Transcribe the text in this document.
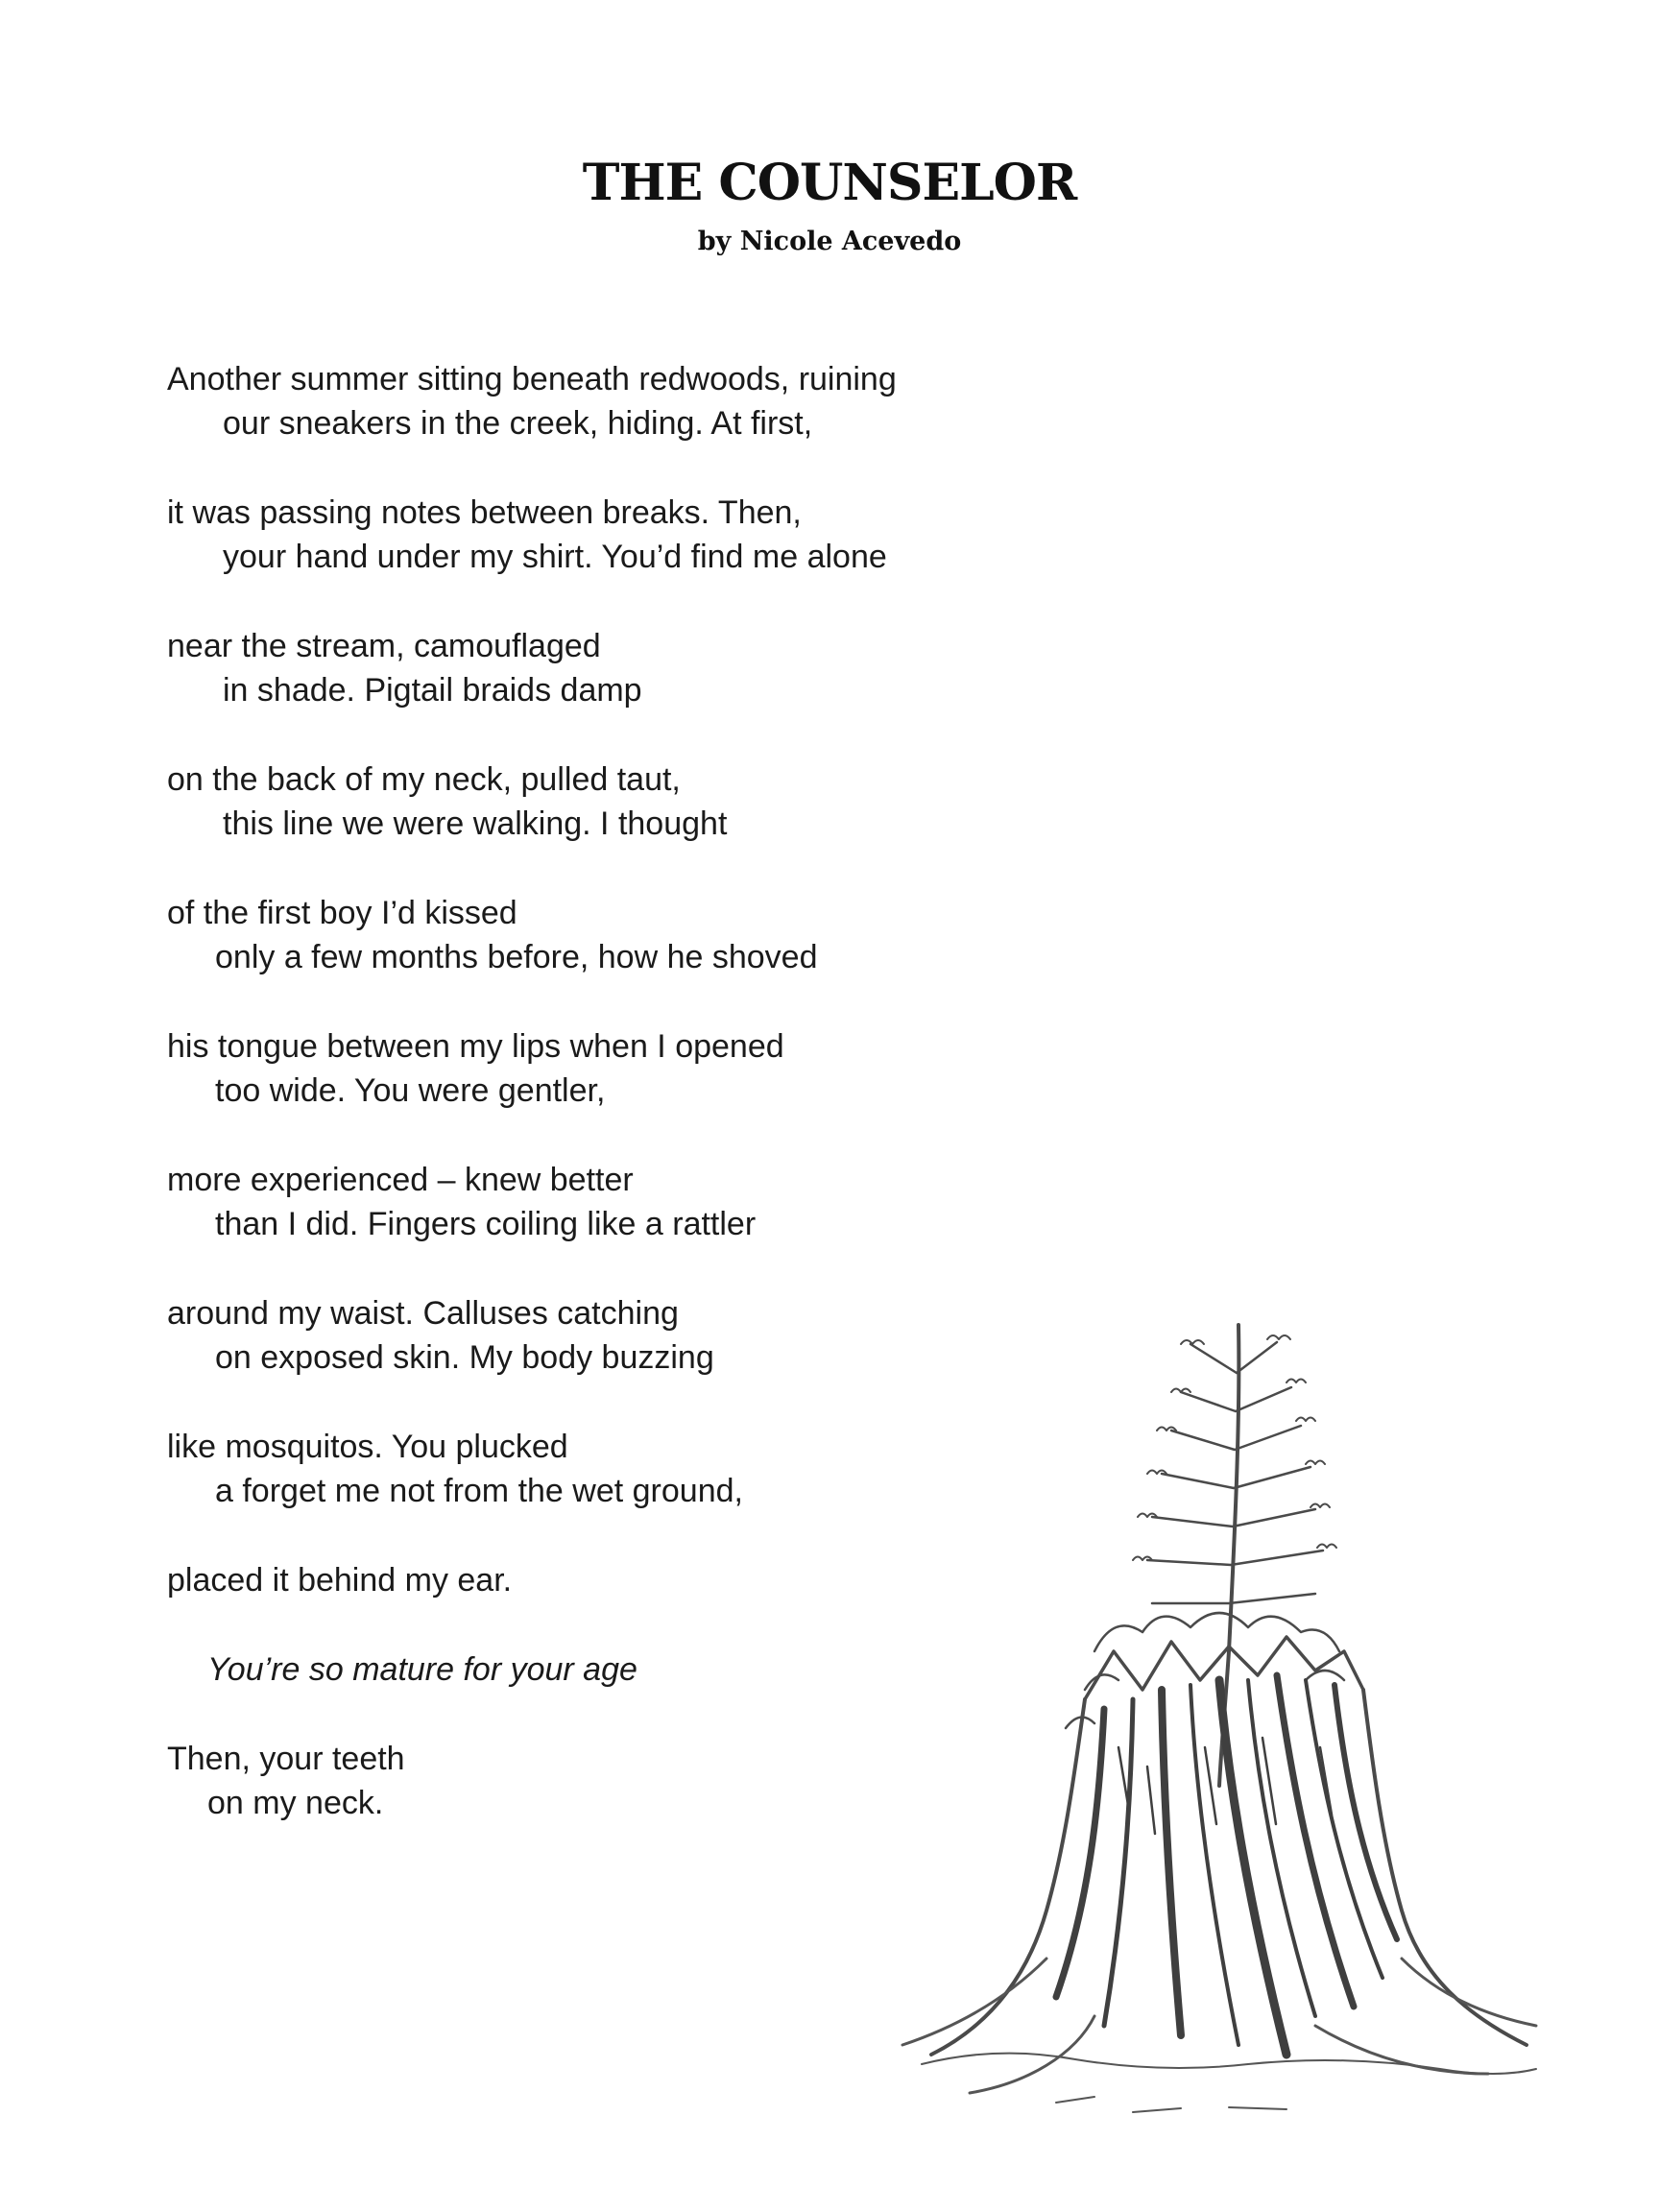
THE COUNSELOR

by Nicole Acevedo

Another summer sitting beneath redwoods, ruining
our sneakers in the creek, hiding. At first,
it was passing notes between breaks. Then,
your hand under my shirt. You’d find me alone
near the stream, camouflaged
in shade. Pigtail braids damp
on the back of my neck, pulled taut,
this line we were walking. I thought
of the first boy I’d kissed
only a few months before, how he shoved
his tongue between my lips when I opened
too wide. You were gentler,
more experienced – knew better
than I did. Fingers coiling like a rattler
around my waist. Calluses catching
on exposed skin. My body buzzing
like mosquitos. You plucked
a forget me not from the wet ground,
placed it behind my ear.
You’re so mature for your age
Then, your teeth
on my neck.
